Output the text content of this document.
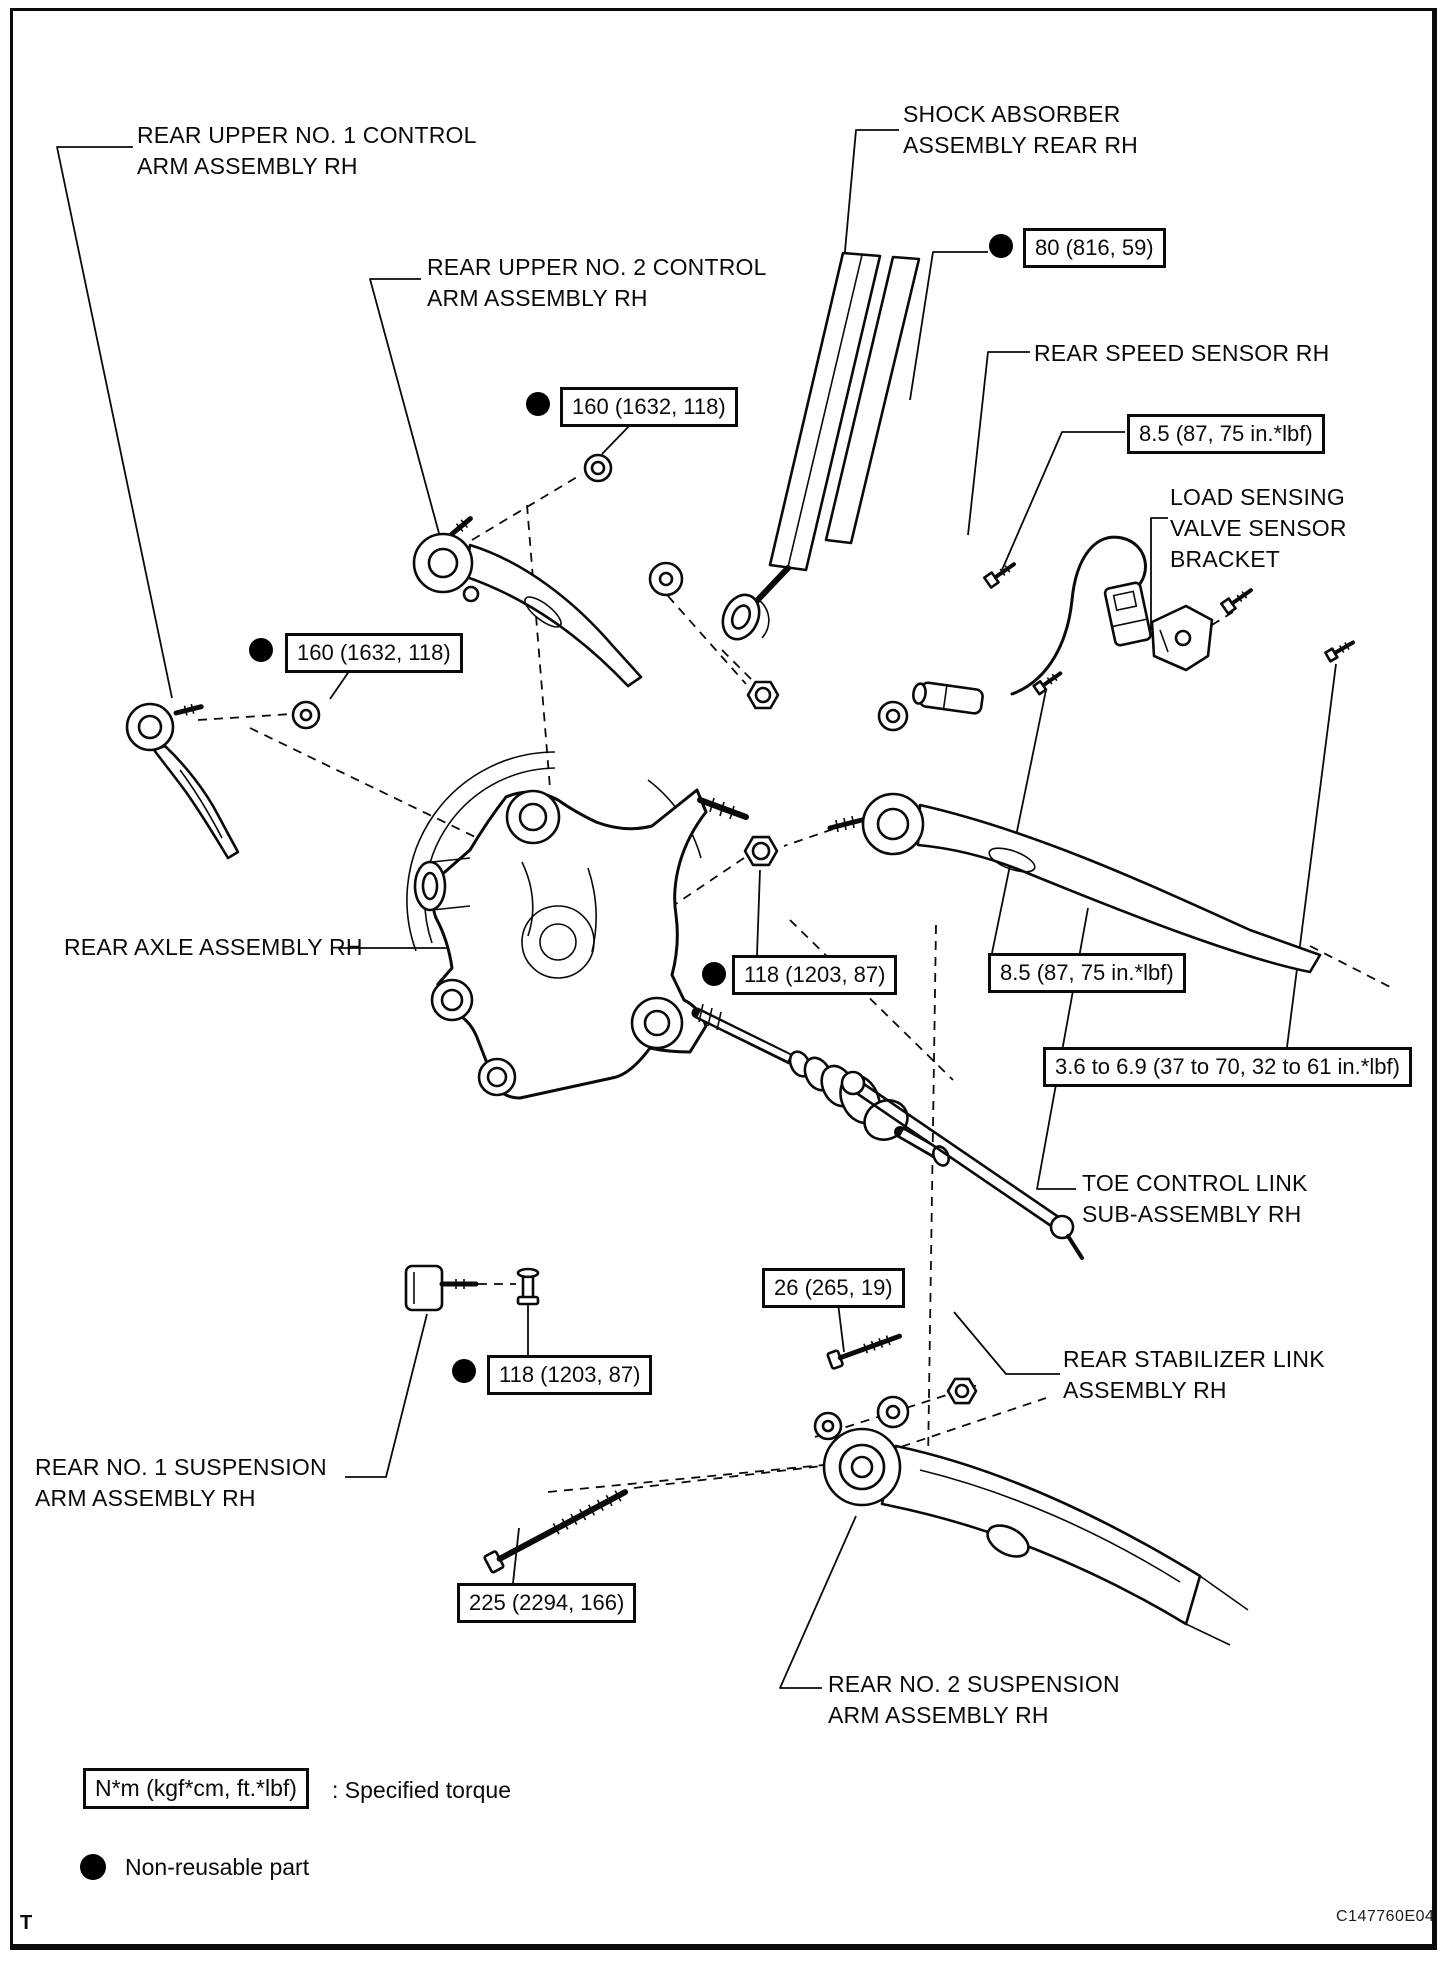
REAR UPPER NO. 1 CONTROL
ARM ASSEMBLY RH
SHOCK ABSORBER
ASSEMBLY REAR RH
REAR UPPER NO. 2 CONTROL
ARM ASSEMBLY RH
REAR SPEED SENSOR RH
LOAD SENSING
VALVE SENSOR
BRACKET
REAR AXLE ASSEMBLY RH
TOE CONTROL LINK
SUB-ASSEMBLY RH
REAR STABILIZER LINK
ASSEMBLY RH
REAR NO. 1 SUSPENSION
ARM ASSEMBLY RH
REAR NO. 2 SUSPENSION
ARM ASSEMBLY RH
80 (816, 59)
160 (1632, 118)
160 (1632, 118)
8.5 (87, 75 in.*lbf)
118 (1203, 87)	8.5 (87, 75 in.*lbf)
3.6 to 6.9 (37 to 70, 32 to 61 in.*lbf)
26 (265, 19)
118 (1203, 87)
225 (2294, 166)
N*m (kgf*cm, ft.*lbf)	: Specified torque
Non-reusable part
T	C147760E04
